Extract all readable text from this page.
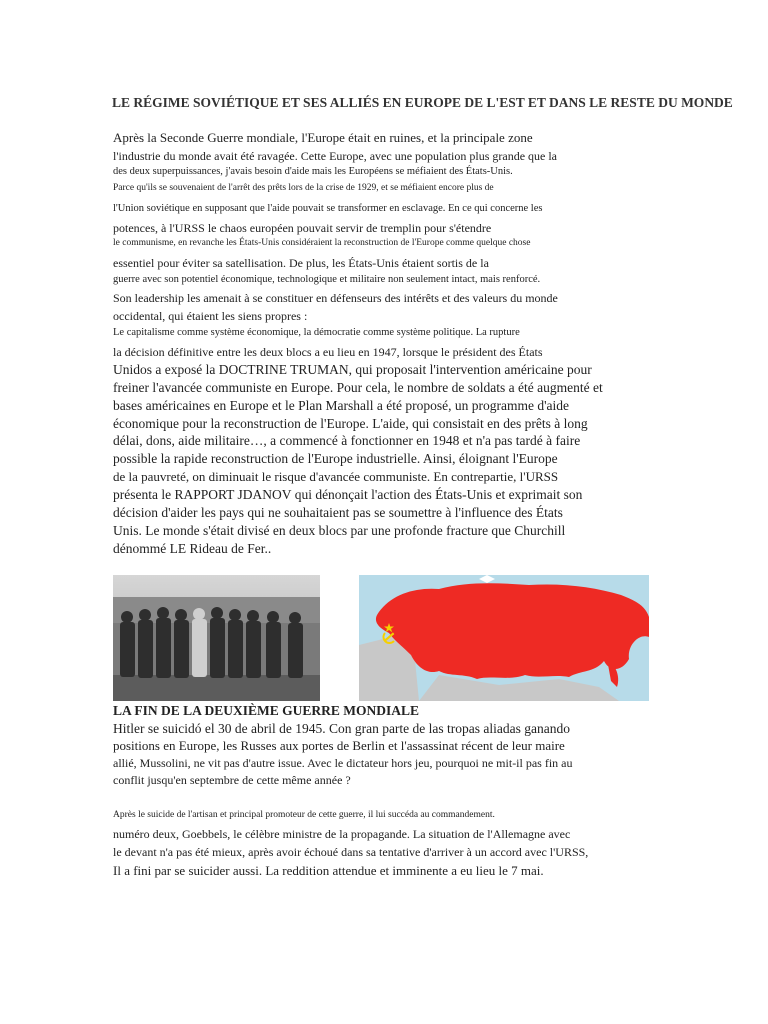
LE RÉGIME SOVIÉTIQUE ET SES ALLIÉS EN EUROPE DE L'EST ET DANS LE RESTE DU MONDE
Après la Seconde Guerre mondiale, l'Europe était en ruines, et la principale zone
l'industrie du monde avait été ravagée. Cette Europe, avec une population plus grande que la
des deux superpuissances, j'avais besoin d'aide mais les Européens se méfiaient des États-Unis.
Parce qu'ils se souvenaient de l'arrêt des prêts lors de la crise de 1929, et se méfiaient encore plus de
l'Union soviétique en supposant que l'aide pouvait se transformer en esclavage. En ce qui concerne les
potences, à l'URSS le chaos européen pouvait servir de tremplin pour s'étendre
le communisme, en revanche les États-Unis considéraient la reconstruction de l'Europe comme quelque chose
essentiel pour éviter sa satellisation. De plus, les États-Unis étaient sortis de la
guerre avec son potentiel économique, technologique et militaire non seulement intact, mais renforcé.
Son leadership les amenait à se constituer en défenseurs des intérêts et des valeurs du monde
occidental, qui étaient les siens propres :
Le capitalisme comme système économique, la démocratie comme système politique. La rupture
la décision définitive entre les deux blocs a eu lieu en 1947, lorsque le président des États
Unidos a exposé la DOCTRINE TRUMAN, qui proposait l'intervention américaine pour
freiner l'avancée communiste en Europe. Pour cela, le nombre de soldats a été augmenté et
bases américaines en Europe et le Plan Marshall a été proposé, un programme d'aide
économique pour la reconstruction de l'Europe. L'aide, qui consistait en des prêts à long
délai, dons, aide militaire…, a commencé à fonctionner en 1948 et n'a pas tardé à faire
possible la rapide reconstruction de l'Europe industrielle. Ainsi, éloignant l'Europe
de la pauvreté, on diminuait le risque d'avancée communiste. En contrepartie, l'URSS
présenta le RAPPORT JDANOV qui dénonçait l'action des États-Unis et exprimait son
décision d'aider les pays qui ne souhaitaient pas se soumettre à l'influence des États
Unis. Le monde s'était divisé en deux blocs par une profonde fracture que Churchill
dénommé LE Rideau de Fer..
LA FIN DE LA DEUXIÈME GUERRE MONDIALE
Hitler se suicidó el 30 de abril de 1945. Con gran parte de las tropas aliadas ganando
positions en Europe, les Russes aux portes de Berlin et l'assassinat récent de leur maire
allié, Mussolini, ne vit pas d'autre issue. Avec le dictateur hors jeu, pourquoi ne mit-il pas fin au
conflit jusqu'en septembre de cette même année ?
Après le suicide de l'artisan et principal promoteur de cette guerre, il lui succéda au commandement.
numéro deux, Goebbels, le célèbre ministre de la propagande. La situation de l'Allemagne avec
le devant n'a pas été mieux, après avoir échoué dans sa tentative d'arriver à un accord avec l'URSS,
Il a fini par se suicider aussi. La reddition attendue et imminente a eu lieu le 7 mai.
